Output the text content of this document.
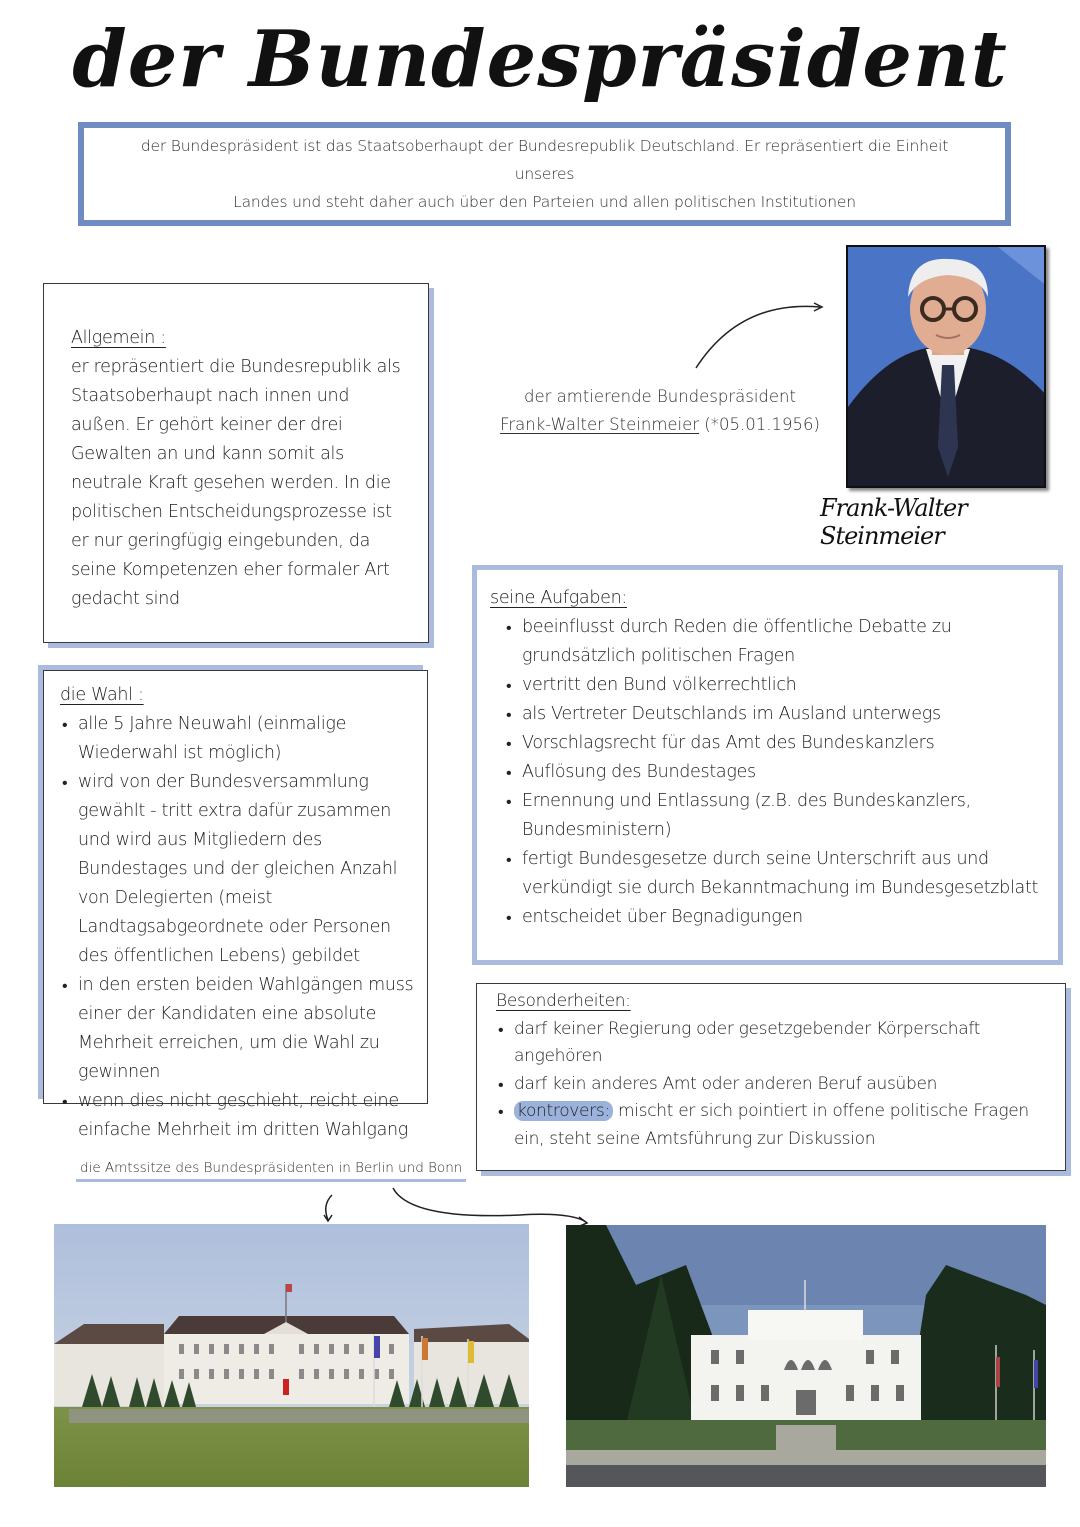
der Bundespräsident
der Bundespräsident ist das Staatsoberhaupt der Bundesrepublik Deutschland. Er repräsentiert die Einheit unseres
Landes und steht daher auch über den Parteien und allen politischen Institutionen
Allgemein :
er repräsentiert die Bundesrepublik als Staatsoberhaupt nach innen und außen. Er gehört keiner der drei Gewalten an und kann somit als neutrale Kraft gesehen werden. In die politischen Entscheidungsprozesse ist er nur geringfügig eingebunden, da seine Kompetenzen eher formaler Art gedacht sind
der amtierende Bundespräsident
Frank-Walter Steinmeier (*05.01.1956)
Frank-Walter Steinmeier
seine Aufgaben:
• beeinflusst durch Reden die öffentliche Debatte zu grundsätzlich politischen Fragen
• vertritt den Bund völkerrechtlich
• als Vertreter Deutschlands im Ausland unterwegs
• Vorschlagsrecht für das Amt des Bundeskanzlers
• Auflösung des Bundestages
• Ernennung und Entlassung (z.B. des Bundeskanzlers, Bundesministern)
• fertigt Bundesgesetze durch seine Unterschrift aus und verkündigt sie durch Bekanntmachung im Bundesgesetzblatt
• entscheidet über Begnadigungen
die Wahl :
• alle 5 Jahre Neuwahl (einmalige Wiederwahl ist möglich)
• wird von der Bundesversammlung gewählt - tritt extra dafür zusammen und wird aus Mitgliedern des Bundestages und der gleichen Anzahl von Delegierten (meist Landtagsabgeordnete oder Personen des öffentlichen Lebens) gebildet
• in den ersten beiden Wahlgängen muss einer der Kandidaten eine absolute Mehrheit erreichen, um die Wahl zu gewinnen
• wenn dies nicht geschieht, reicht eine einfache Mehrheit im dritten Wahlgang
Besonderheiten:
• darf keiner Regierung oder gesetzgebender Körperschaft angehören
• darf kein anderes Amt oder anderen Beruf ausüben
• kontrovers: mischt er sich pointiert in offene politische Fragen ein, steht seine Amtsführung zur Diskussion
die Amtssitze des Bundespräsidenten in Berlin und Bonn
